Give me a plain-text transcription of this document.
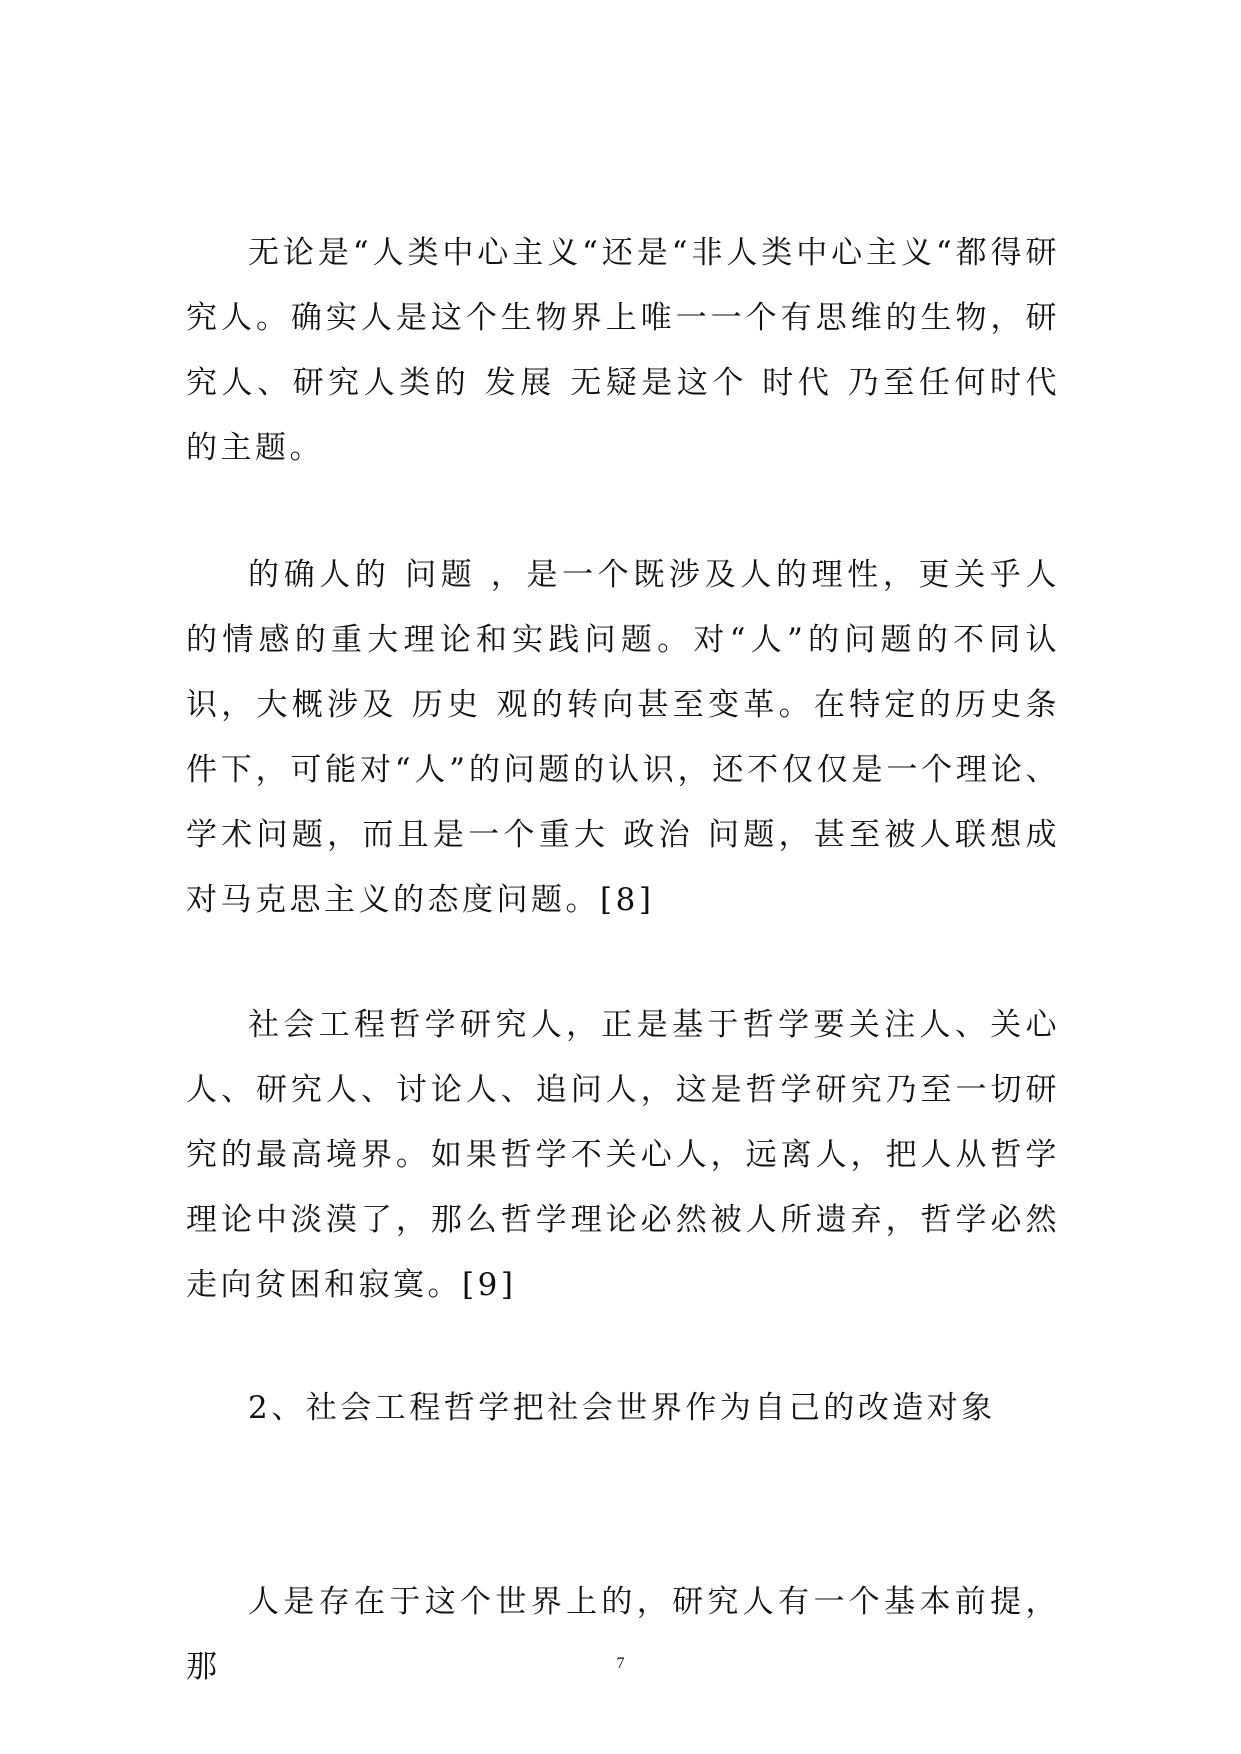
无论是“人类中心主义“还是“非人类中心主义“都得研究人。确实人是这个生物界上唯一一个有思维的生物，研究人、研究人类的 发展 无疑是这个 时代 乃至任何时代的主题。

的确人的 问题 ，是一个既涉及人的理性，更关乎人的情感的重大理论和实践问题。对“人”的问题的不同认识，大概涉及 历史 观的转向甚至变革。在特定的历史条件下，可能对“人”的问题的认识，还不仅仅是一个理论、学术问题，而且是一个重大 政治 问题，甚至被人联想成对马克思主义的态度问题。[8]

社会工程哲学研究人，正是基于哲学要关注人、关心人、研究人、讨论人、追问人，这是哲学研究乃至一切研究的最高境界。如果哲学不关心人，远离人，把人从哲学理论中淡漠了，那么哲学理论必然被人所遗弃，哲学必然走向贫困和寂寞。[9]

2、社会工程哲学把社会世界作为自己的改造对象

人是存在于这个世界上的，研究人有一个基本前提，那	7
